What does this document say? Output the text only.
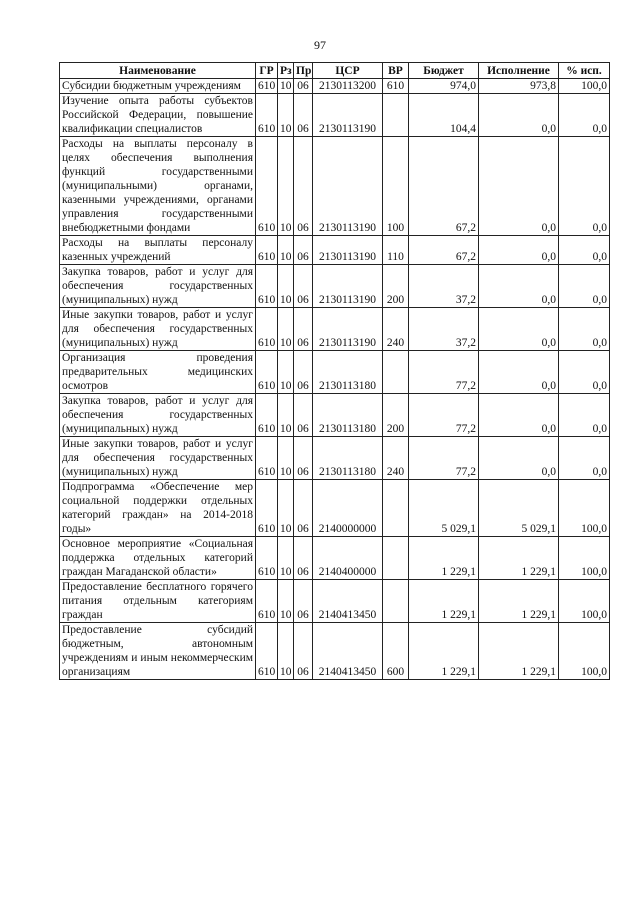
97
Наименование	ГР	Рз	Пр	ЦСР	ВР	Бюджет	Исполнение	% исп.

Субсидии бюджетным учреждениям	610	10	06	2130113200	610	974,0	973,8	100,0

Изучение опыта работы субъектов Российской Федерации, повышение квалификации специалистов	610	10	06	2130113190		104,4	0,0	0,0

Расходы на выплаты персоналу в целях обеспечения выполнения функций государственными (муниципальными) органами, казенными учреждениями, органами управления государственными внебюджетными фондами	610	10	06	2130113190	100	67,2	0,0	0,0

Расходы на выплаты персоналу казенных учреждений	610	10	06	2130113190	110	67,2	0,0	0,0

Закупка товаров, работ и услуг для обеспечения государственных (муниципальных) нужд	610	10	06	2130113190	200	37,2	0,0	0,0

Иные закупки товаров, работ и услуг для обеспечения государственных (муниципальных) нужд	610	10	06	2130113190	240	37,2	0,0	0,0

Организация проведения предварительных медицинских осмотров	610	10	06	2130113180		77,2	0,0	0,0

Закупка товаров, работ и услуг для обеспечения государственных (муниципальных) нужд	610	10	06	2130113180	200	77,2	0,0	0,0

Иные закупки товаров, работ и услуг для обеспечения государственных (муниципальных) нужд	610	10	06	2130113180	240	77,2	0,0	0,0

Подпрограмма «Обеспечение мер социальной поддержки отдельных категорий граждан» на 2014-2018 годы»	610	10	06	2140000000		5 029,1	5 029,1	100,0

Основное мероприятие «Социальная поддержка отдельных категорий граждан Магаданской области»	610	10	06	2140400000		1 229,1	1 229,1	100,0

Предоставление бесплатного горячего питания отдельным категориям граждан	610	10	06	2140413450		1 229,1	1 229,1	100,0

Предоставление субсидий бюджетным, автономным учреждениям и иным некоммерческим организациям	610	10	06	2140413450	600	1 229,1	1 229,1	100,0
